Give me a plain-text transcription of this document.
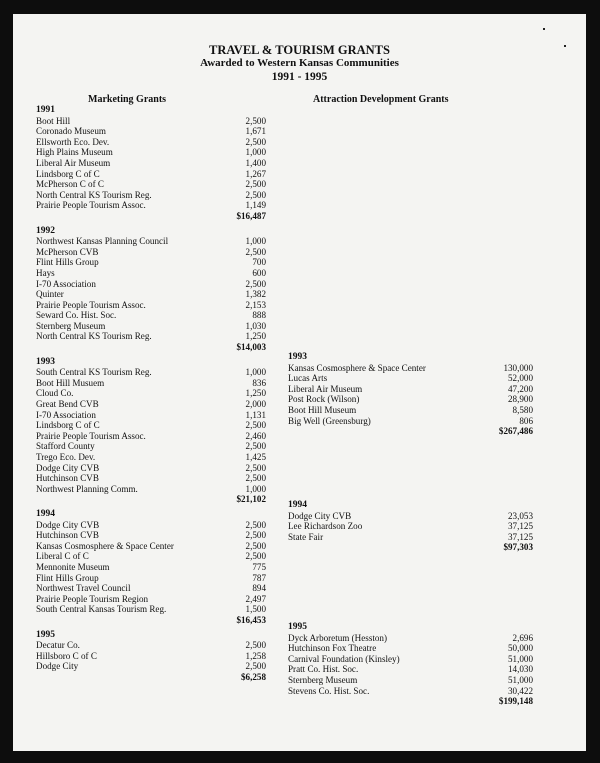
TRAVEL & TOURISM GRANTS
Awarded to Western Kansas Communities
1991 - 1995
Marketing Grants	Attraction Development Grants
1991
Boot Hill	2,500
Coronado Museum	1,671
Ellsworth Eco. Dev.	2,500
High Plains Museum	1,000
Liberal Air Museum	1,400
Lindsborg C of C	1,267
McPherson C of C	2,500
North Central KS Tourism Reg.	2,500
Prairie People Tourism Assoc.	1,149
$16,487
1992
Northwest Kansas Planning Council	1,000
McPherson CVB	2,500
Flint Hills Group	700
Hays	600
I-70 Association	2,500
Quinter	1,382
Prairie People Tourism Assoc.	2,153
Seward Co. Hist. Soc.	888
Sternberg Museum	1,030
North Central KS Tourism Reg.	1,250
$14,003
1993
South Central KS Tourism Reg.	1,000
Boot Hill Musuem	836
Cloud Co.	1,250
Great Bend CVB	2,000
I-70 Association	1,131
Lindsborg C of C	2,500
Prairie People Tourism Assoc.	2,460
Stafford County	2,500
Trego Eco. Dev.	1,425
Dodge City CVB	2,500
Hutchinson CVB	2,500
Northwest Planning Comm.	1,000
$21,102
1994
Dodge City CVB	2,500
Hutchinson CVB	2,500
Kansas Cosmosphere & Space Center	2,500
Liberal C of C	2,500
Mennonite Museum	775
Flint Hills Group	787
Northwest Travel Council	894
Prairie People Tourism Region	2,497
South Central Kansas Tourism Reg.	1,500
$16,453
1995
Decatur Co.	2,500
Hillsboro C of C	1,258
Dodge City	2,500
$6,258
1993
Kansas Cosmosphere & Space Center	130,000
Lucas Arts	52,000
Liberal Air Museum	47,200
Post Rock (Wilson)	28,900
Boot Hill Museum	8,580
Big Well (Greensburg)	806
$267,486
1994
Dodge City CVB	23,053
Lee Richardson Zoo	37,125
State Fair	37,125
$97,303
1995
Dyck Arboretum (Hesston)	2,696
Hutchinson Fox Theatre	50,000
Carnival Foundation (Kinsley)	51,000
Pratt Co. Hist. Soc.	14,030
Sternberg Museum	51,000
Stevens Co. Hist. Soc.	30,422
$199,148
